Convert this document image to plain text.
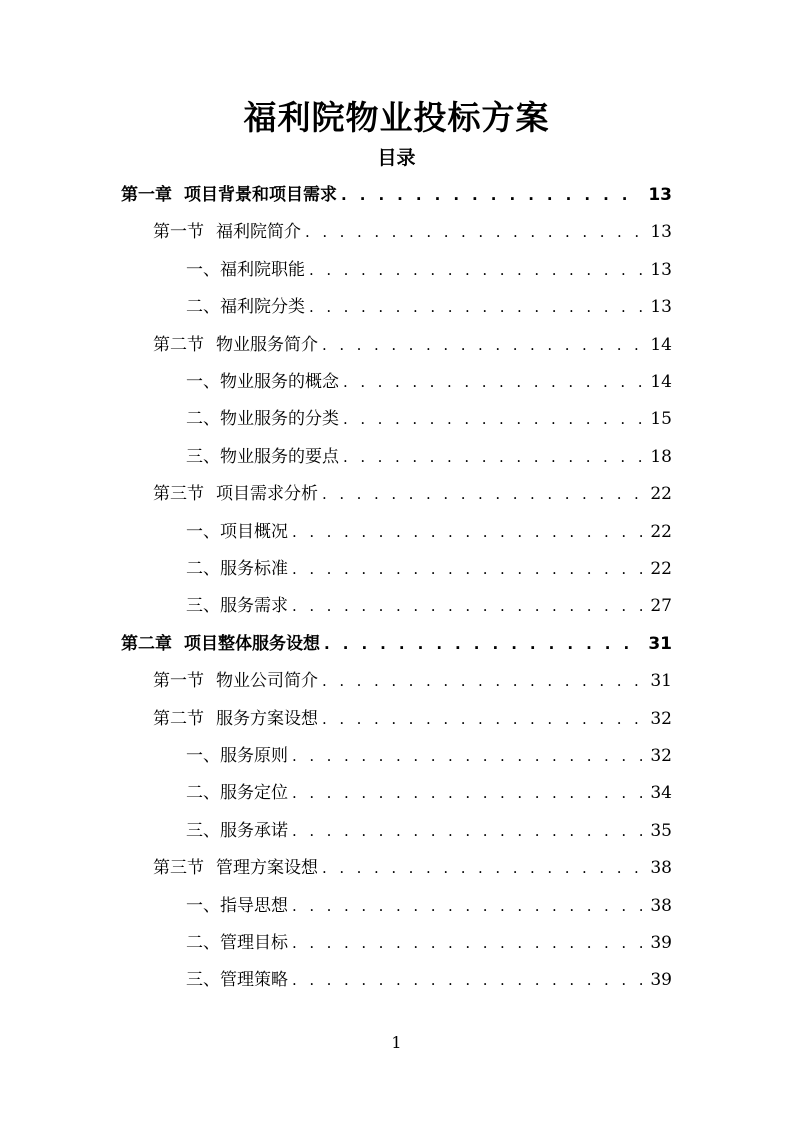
福利院物业投标方案
目录
第一章 项目背景和项目需求 . . .	13
第一节 福利院简介 . . .	13
一、福利院职能 . . .	13
二、福利院分类 . . .	13
第二节 物业服务简介 . . .	14
一、物业服务的概念 . . .	14
二、物业服务的分类 . . .	15
三、物业服务的要点 . . .	18
第三节 项目需求分析 . . .	22
一、项目概况 . . .	22
二、服务标准 . . .	22
三、服务需求 . . .	27
第二章 项目整体服务设想 . . .	31
第一节 物业公司简介 . . .	31
第二节 服务方案设想 . . .	32
一、服务原则 . . .	32
二、服务定位 . . .	34
三、服务承诺 . . .	35
第三节 管理方案设想 . . .	38
一、指导思想 . . .	38
二、管理目标 . . .	39
三、管理策略 . . .	39
1
